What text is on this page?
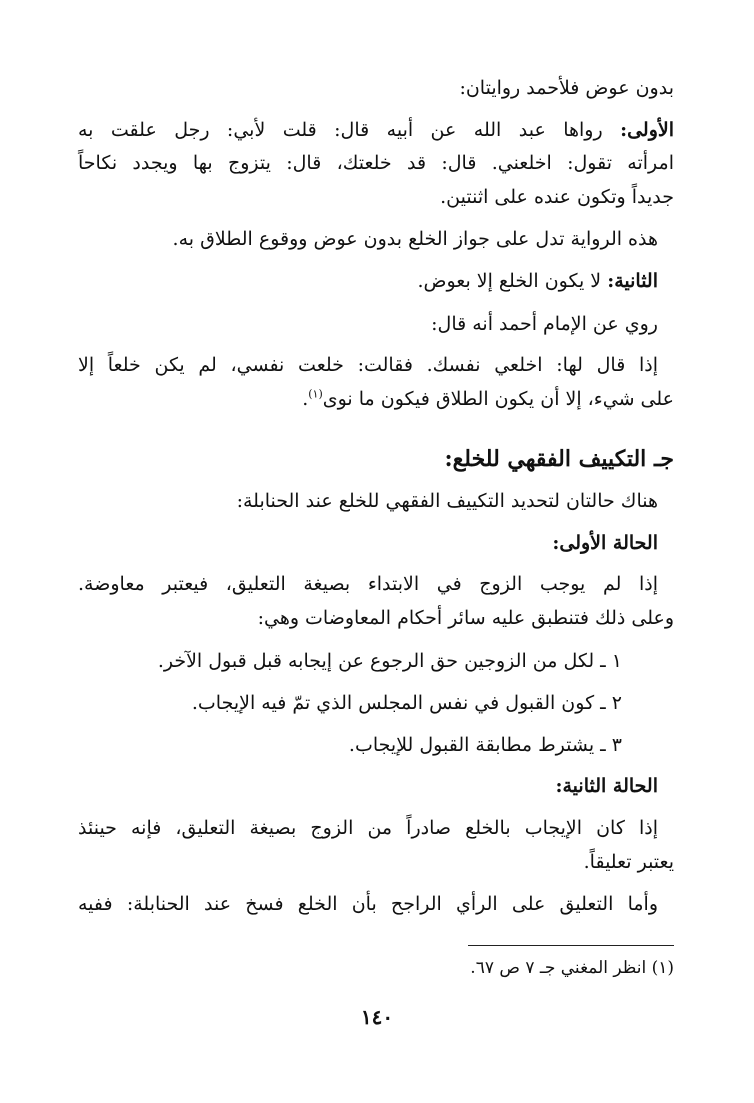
بدون عوض فلأحمد روايتان:
الأولى: رواها عبد الله عن أبيه قال: قلت لأبي: رجل علقت به
امرأته تقول: اخلعني. قال: قد خلعتك، قال: يتزوج بها ويجدد نكاحاً
جديداً وتكون عنده على اثنتين.
هذه الرواية تدل على جواز الخلع بدون عوض ووقوع الطلاق به.
الثانية: لا يكون الخلع إلا بعوض.
روي عن الإمام أحمد أنه قال:
إذا قال لها: اخلعي نفسك. فقالت: خلعت نفسي، لم يكن خلعاً إلا
على شيء، إلا أن يكون الطلاق فيكون ما نوى$^{(١)}$.
جـ التكييف الفقهي للخلع:
هناك حالتان لتحديد التكييف الفقهي للخلع عند الحنابلة:
الحالة الأولى:
إذا لم يوجب الزوج في الابتداء بصيغة التعليق، فيعتبر معاوضة.
وعلى ذلك فتنطبق عليه سائر أحكام المعاوضات وهي:
١ ـ لكل من الزوجين حق الرجوع عن إيجابه قبل قبول الآخر.
٢ ـ كون القبول في نفس المجلس الذي تمّ فيه الإيجاب.
٣ ـ يشترط مطابقة القبول للإيجاب.
الحالة الثانية:
إذا كان الإيجاب بالخلع صادراً من الزوج بصيغة التعليق، فإنه حينئذ
يعتبر تعليقاً.
وأما التعليق على الرأي الراجح بأن الخلع فسخ عند الحنابلة: ففيه
(١) انظر المغني جـ ٧ ص ٦٧.
١٤٠
